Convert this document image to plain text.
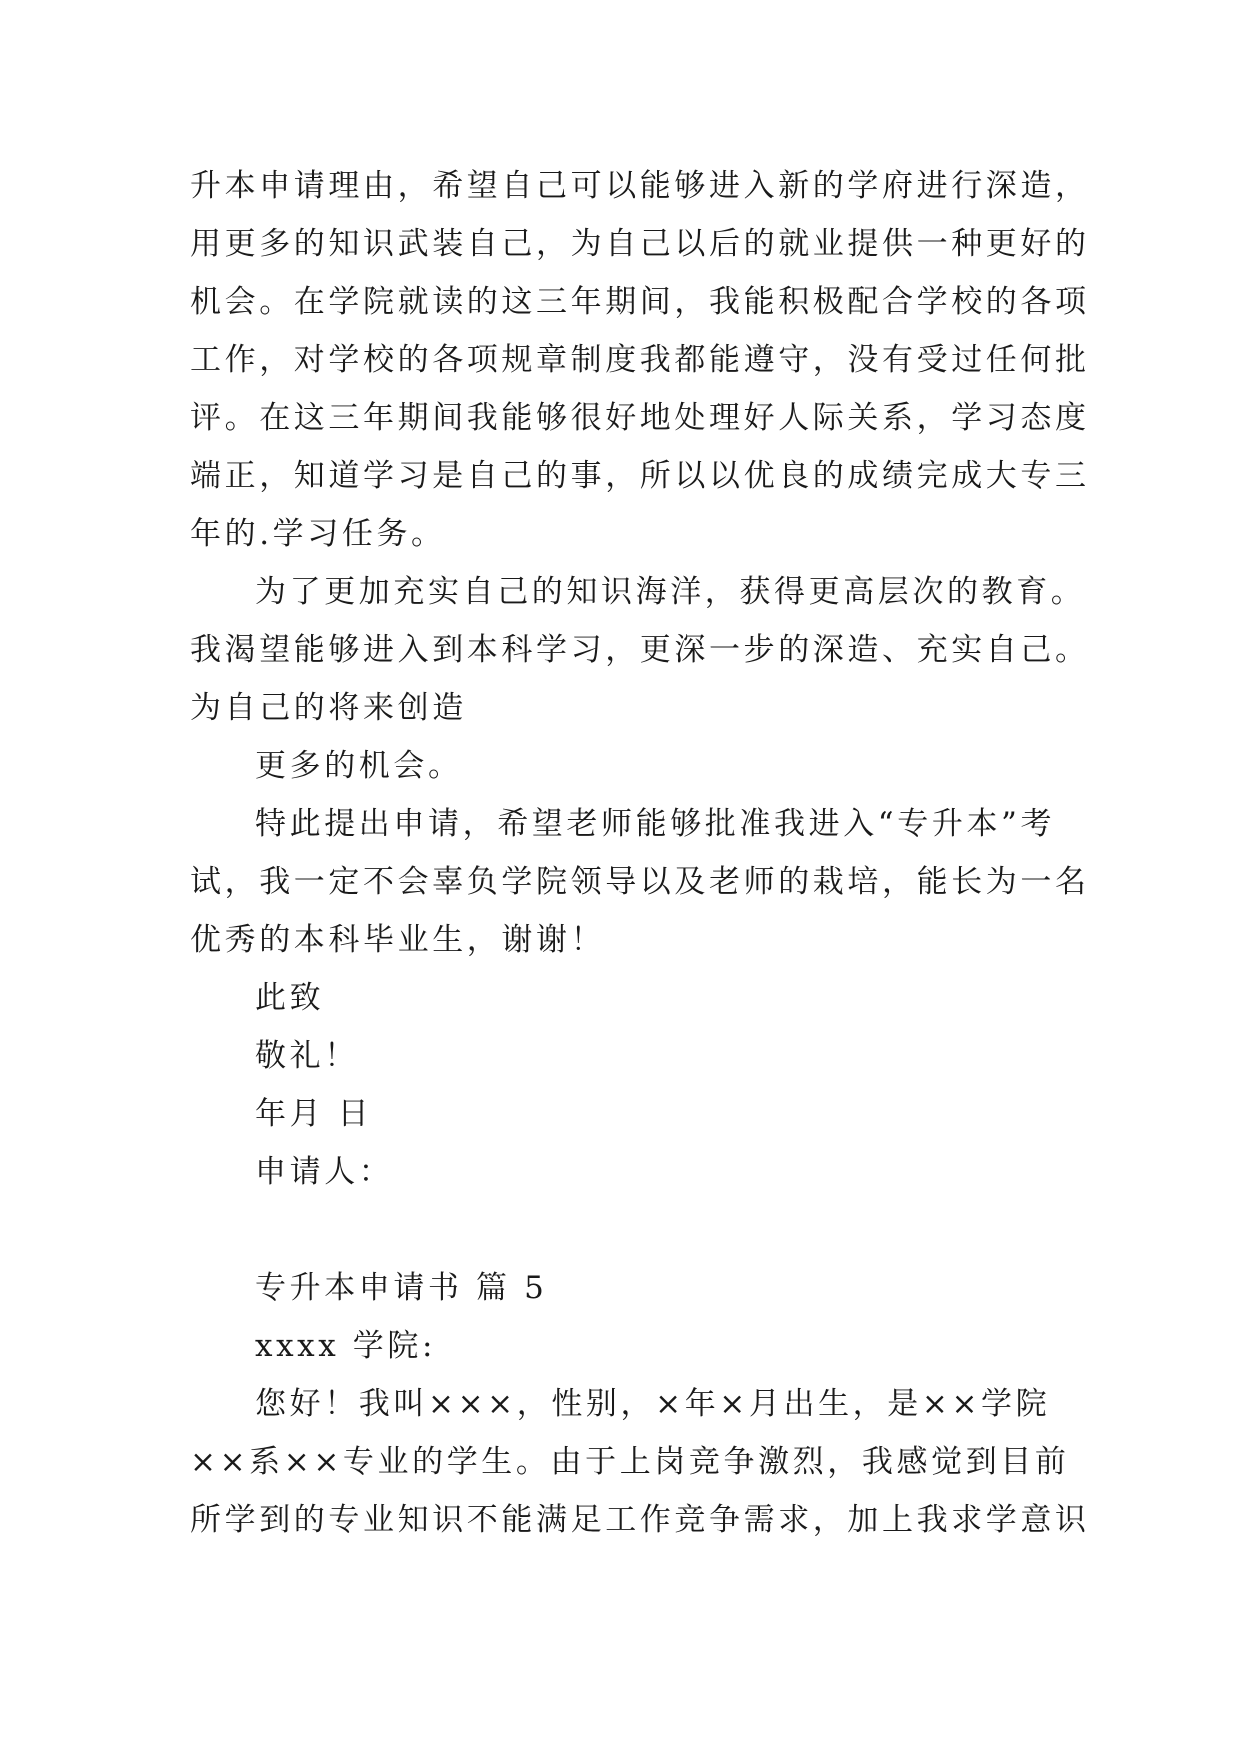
升本申请理由，希望自己可以能够进入新的学府进行深造，
用更多的知识武装自己，为自己以后的就业提供一种更好的
机会。在学院就读的这三年期间，我能积极配合学校的各项
工作，对学校的各项规章制度我都能遵守，没有受过任何批
评。在这三年期间我能够很好地处理好人际关系，学习态度
端正，知道学习是自己的事，所以以优良的成绩完成大专三
年的.学习任务。
为了更加充实自己的知识海洋，获得更高层次的教育。
我渴望能够进入到本科学习，更深一步的深造、充实自己。
为自己的将来创造
更多的机会。
特此提出申请，希望老师能够批准我进入“专升本”考
试，我一定不会辜负学院领导以及老师的栽培，能长为一名
优秀的本科毕业生，谢谢！
此致
敬礼！
年月 日
申请人：
专升本申请书 篇 5
xxxx 学院:
您好！我叫×××，性别，×年×月出生，是××学院
××系××专业的学生。由于上岗竞争激烈，我感觉到目前
所学到的专业知识不能满足工作竞争需求，加上我求学意识
